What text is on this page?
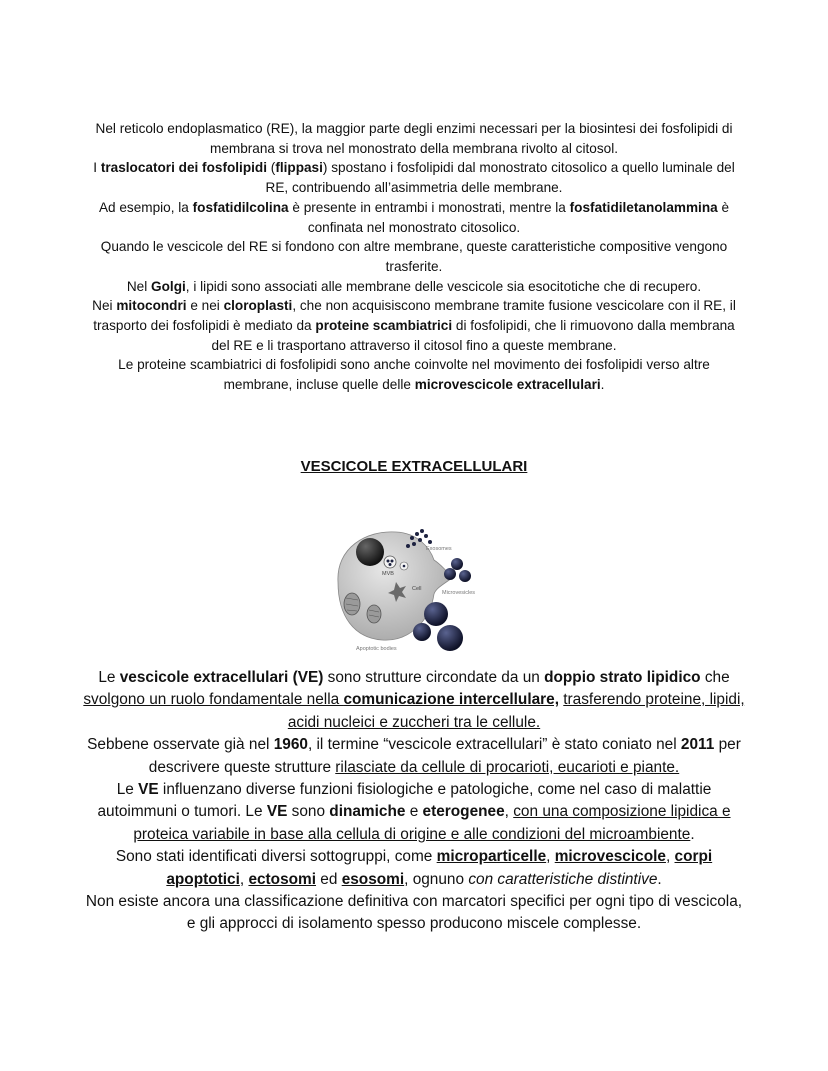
Nel reticolo endoplasmatico (RE), la maggior parte degli enzimi necessari per la biosintesi dei fosfolipidi di membrana si trova nel monostrato della membrana rivolto al citosol.

I traslocatori dei fosfolipidi (flippasi) spostano i fosfolipidi dal monostrato citosolico a quello luminale del RE, contribuendo all’asimmetria delle membrane.

Ad esempio, la fosfatidilcolina è presente in entrambi i monostrati, mentre la fosfatidiletanolammina è confinata nel monostrato citosolico.

Quando le vescicole del RE si fondono con altre membrane, queste caratteristiche compositive vengono trasferite.

Nel Golgi, i lipidi sono associati alle membrane delle vescicole sia esocitotiche che di recupero.

Nei mitocondri e nei cloroplasti, che non acquisiscono membrane tramite fusione vescicolare con il RE, il trasporto dei fosfolipidi è mediato da proteine scambiatrici di fosfolipidi, che li rimuovono dalla membrana del RE e li trasportano attraverso il citosol fino a queste membrane.

Le proteine scambiatrici di fosfolipidi sono anche coinvolte nel movimento dei fosfolipidi verso altre membrane, incluse quelle delle microvescicole extracellulari.

VESCICOLE EXTRACELLULARI
Exosomes
MVB
Cell
Microvesicles
Apoptotic bodies

Le vescicole extracellulari (VE) sono strutture circondate da un doppio strato lipidico che svolgono un ruolo fondamentale nella comunicazione intercellulare, trasferendo proteine, lipidi, acidi nucleici e zuccheri tra le cellule.

Sebbene osservate già nel 1960, il termine “vescicole extracellulari” è stato coniato nel 2011 per descrivere queste strutture rilasciate da cellule di procarioti, eucarioti e piante.

Le VE influenzano diverse funzioni fisiologiche e patologiche, come nel caso di malattie autoimmuni o tumori. Le VE sono dinamiche e eterogenee, con una composizione lipidica e proteica variabile in base alla cellula di origine e alle condizioni del microambiente.

Sono stati identificati diversi sottogruppi, come microparticelle, microvescicole, corpi apoptotici, ectosomi ed esosomi, ognuno con caratteristiche distintive.

Non esiste ancora una classificazione definitiva con marcatori specifici per ogni tipo di vescicola, e gli approcci di isolamento spesso producono miscele complesse.
